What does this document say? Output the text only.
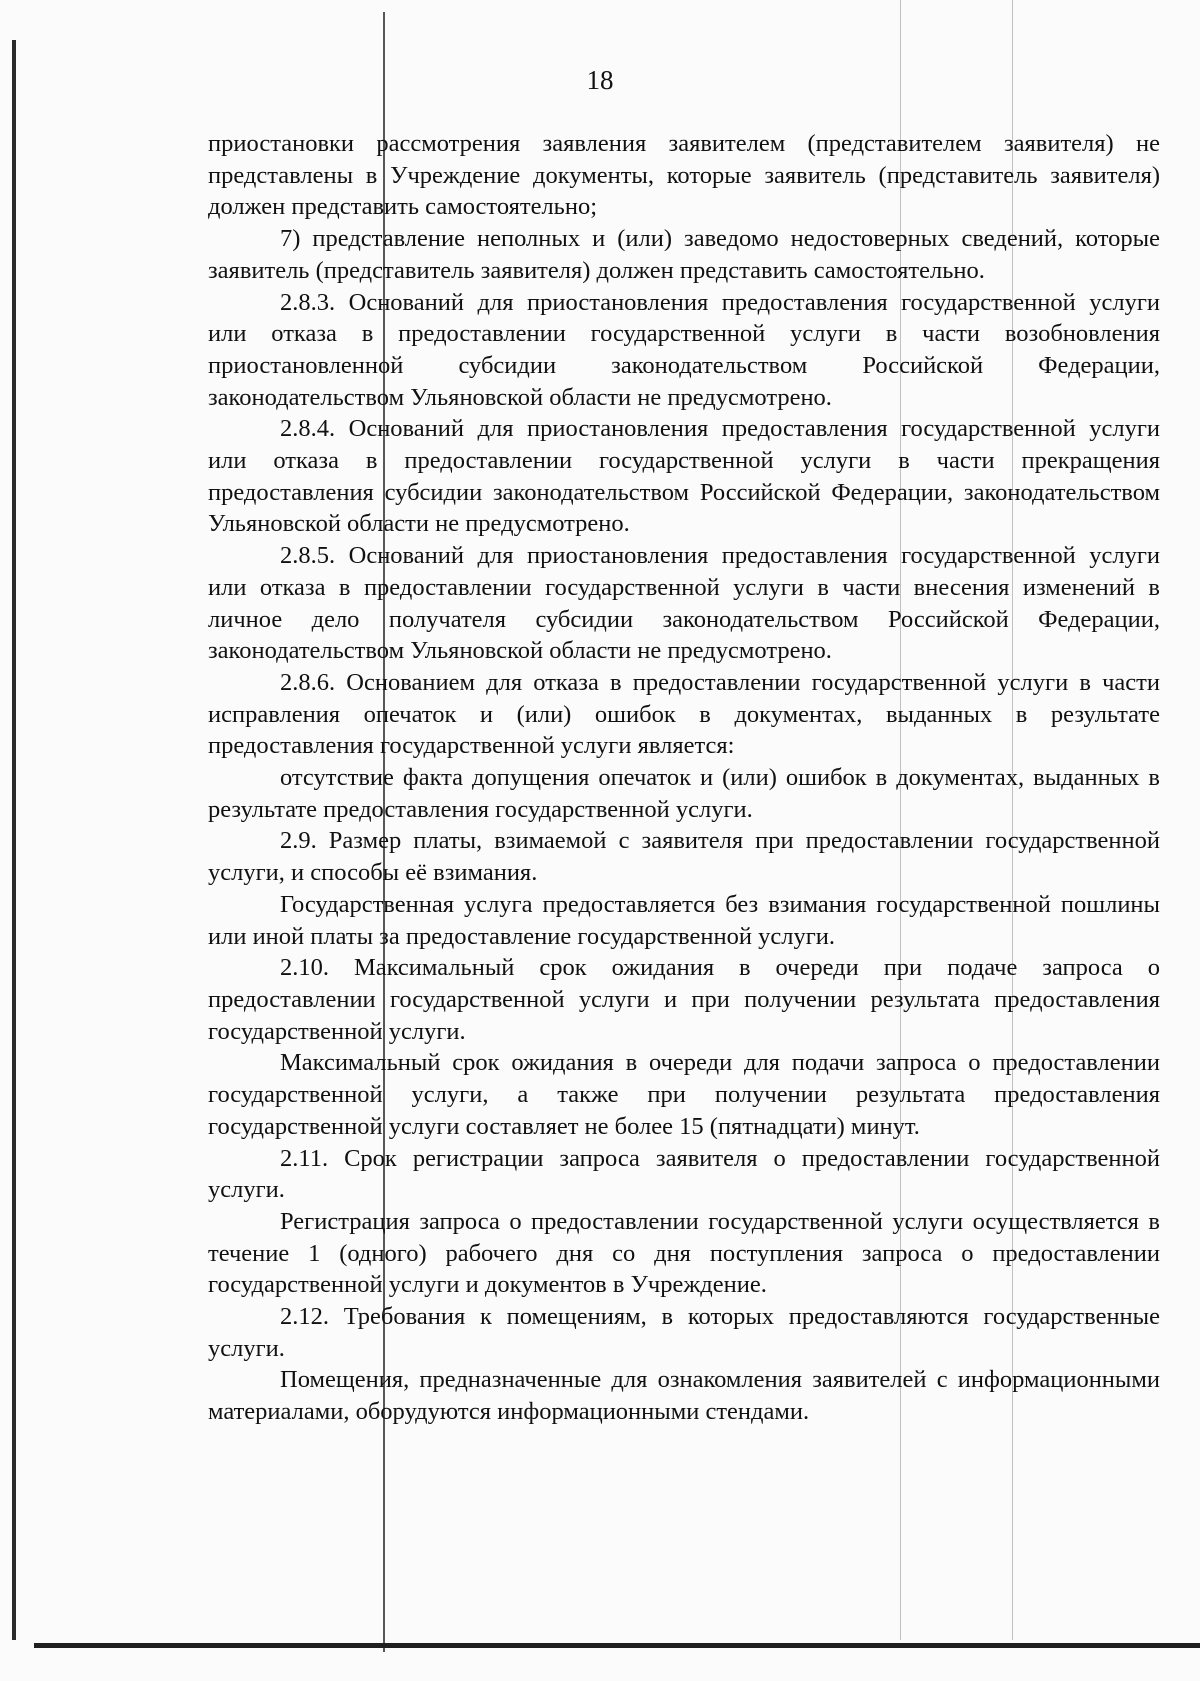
18

приостановки рассмотрения заявления заявителем (представителем заявителя) не представлены в Учреждение документы, которые заявитель (представитель заявителя) должен представить самостоятельно;

7) представление неполных и (или) заведомо недостоверных сведений, которые заявитель (представитель заявителя) должен представить самостоятельно.

2.8.3. Оснований для приостановления предоставления государственной услуги или отказа в предоставлении государственной услуги в части возобновления приостановленной субсидии законодательством Российской Федерации, законодательством Ульяновской области не предусмотрено.

2.8.4. Оснований для приостановления предоставления государственной услуги или отказа в предоставлении государственной услуги в части прекращения предоставления субсидии законодательством Российской Федерации, законодательством Ульяновской области не предусмотрено.

2.8.5. Оснований для приостановления предоставления государственной услуги или отказа в предоставлении государственной услуги в части внесения изменений в личное дело получателя субсидии законодательством Российской Федерации, законодательством Ульяновской области не предусмотрено.

2.8.6. Основанием для отказа в предоставлении государственной услуги в части исправления опечаток и (или) ошибок в документах, выданных в результате предоставления государственной услуги является:

отсутствие факта допущения опечаток и (или) ошибок в документах, выданных в результате предоставления государственной услуги.

2.9. Размер платы, взимаемой с заявителя при предоставлении государственной услуги, и способы её взимания.

Государственная услуга предоставляется без взимания государственной пошлины или иной платы за предоставление государственной услуги.

2.10. Максимальный срок ожидания в очереди при подаче запроса о предоставлении государственной услуги и при получении результата предоставления государственной услуги.

Максимальный срок ожидания в очереди для подачи запроса о предоставлении государственной услуги, а также при получении результата предоставления государственной услуги составляет не более 15 (пятнадцати) минут.

2.11. Срок регистрации запроса заявителя о предоставлении государственной услуги.

Регистрация запроса о предоставлении государственной услуги осуществляется в течение 1 (одного) рабочего дня со дня поступления запроса о предоставлении государственной услуги и документов в Учреждение.

2.12. Требования к помещениям, в которых предоставляются государственные услуги.

Помещения, предназначенные для ознакомления заявителей с информационными материалами, оборудуются информационными стендами.
